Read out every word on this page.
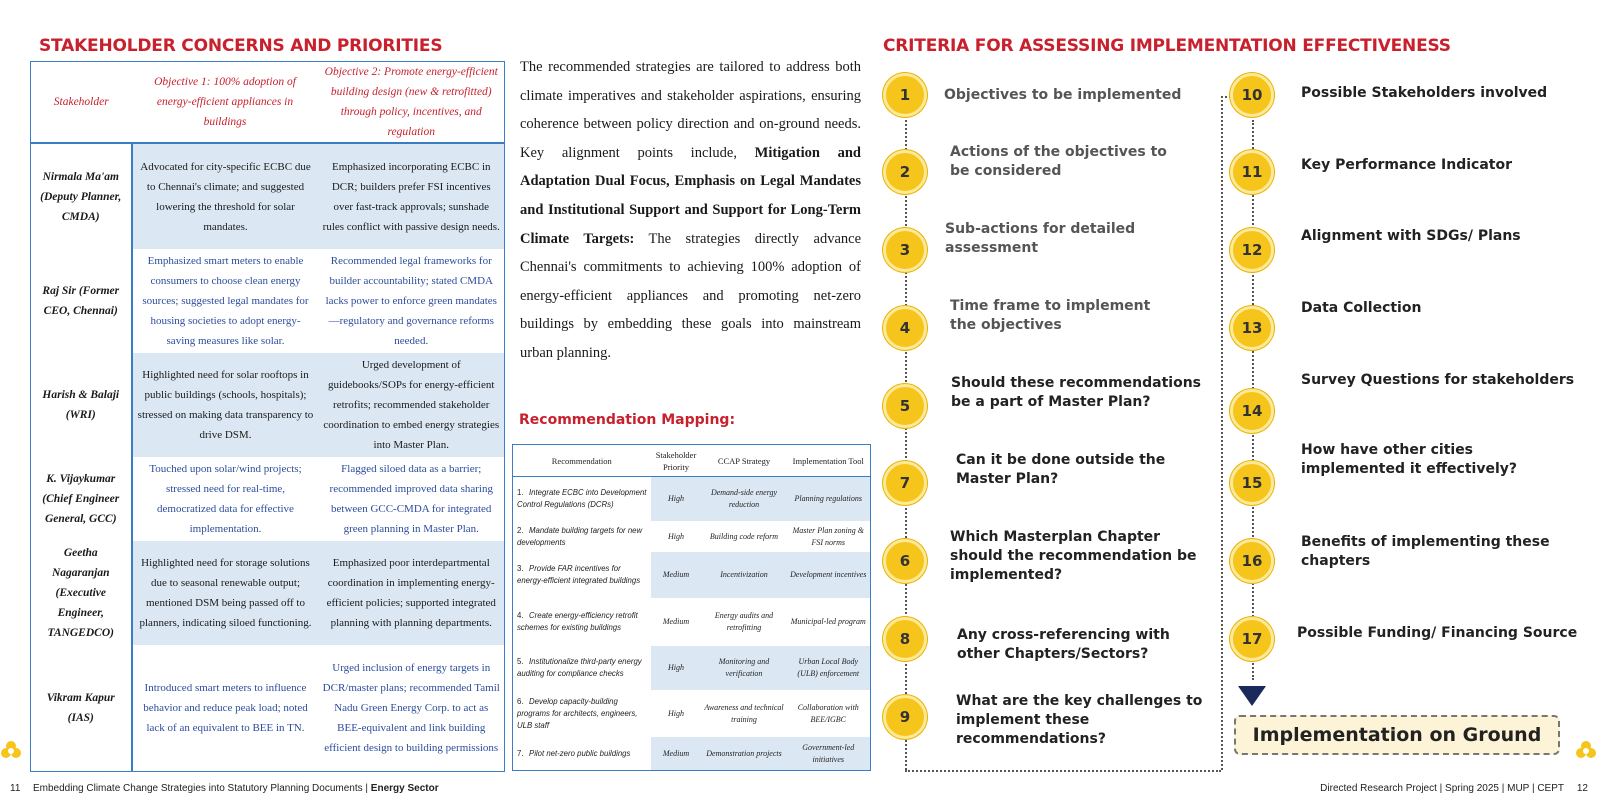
STAKEHOLDER CONCERNS AND PRIORITIES	CRITERIA FOR ASSESSING IMPLEMENTATION EFFECTIVENESS
Stakeholder	Objective 1: 100% adoption of energy-efficient appliances in buildings	Objective 2: Promote energy-efficient building design (new & retrofitted) through policy, incentives, and regulation
Nirmala Ma'am (Deputy Planner, CMDA)	Advocated for city-specific ECBC due to Chennai's climate; and suggested lowering the threshold for solar mandates.	Emphasized incorporating ECBC in DCR; builders prefer FSI incentives over fast-track approvals; sunshade rules conflict with passive design needs.
Raj Sir (Former CEO, Chennai)	Emphasized smart meters to enable consumers to choose clean energy sources; suggested legal mandates for housing societies to adopt energy-saving measures like solar.	Recommended legal frameworks for builder accountability; stated CMDA lacks power to enforce green mandates—regulatory and governance reforms needed.
Harish & Balaji (WRI)	Highlighted need for solar rooftops in public buildings (schools, hospitals); stressed on making data transparency to drive DSM.	Urged development of guidebooks/SOPs for energy-efficient retrofits; recommended stakeholder coordination to embed energy strategies into Master Plan.
K. Vijaykumar (Chief Engineer General, GCC)	Touched upon solar/wind projects; stressed need for real-time, democratized data for effective implementation.	Flagged siloed data as a barrier; recommended improved data sharing between GCC-CMDA for integrated green planning in Master Plan.
Geetha Nagaranjan (Executive Engineer, TANGEDCO)	Highlighted need for storage solutions due to seasonal renewable output; mentioned DSM being passed off to planners, indicating siloed functioning.	Emphasized poor interdepartmental coordination in implementing energy-efficient policies; supported integrated planning with planning departments.
Vikram Kapur (IAS)	Introduced smart meters to influence behavior and reduce peak load; noted lack of an equivalent to BEE in TN.	Urged inclusion of energy targets in DCR/master plans; recommended Tamil Nadu Green Energy Corp. to act as BEE-equivalent and link building efficient design to building permissions
The recommended strategies are tailored to address both climate imperatives and stakeholder aspirations, ensuring coherence between policy direction and on-ground needs. Key alignment points include, Mitigation and Adaptation Dual Focus, Emphasis on Legal Mandates and Institutional Support and Support for Long-Term Climate Targets: The strategies directly advance Chennai's commitments to achieving 100% adoption of energy-efficient appliances and promoting net-zero buildings by embedding these goals into mainstream urban planning.
Recommendation Mapping:
Recommendation	Stakeholder Priority	CCAP Strategy	Implementation Tool
1. Integrate ECBC into Development Control Regulations (DCRs)	High	Demand-side energy reduction	Planning regulations
2. Mandate building targets for new developments	High	Building code reform	Master Plan zoning & FSI norms
3. Provide FAR incentives for energy-efficient integrated buildings	Medium	Incentivization	Development incentives
4. Create energy-efficiency retrofit schemes for existing buildings	Medium	Energy audits and retrofitting	Municipal-led program
5. Institutionalize third-party energy auditing for compliance checks	High	Monitoring and verification	Urban Local Body (ULB) enforcement
6. Develop capacity-building programs for architects, engineers, ULB staff	High	Awareness and technical training	Collaboration with BEE/IGBC
7. Pilot net-zero public buildings	Medium	Demonstration projects	Government-led initiatives
1	Objectives to be implemented
2
Actions of the objectives to be considered
3
Sub-actions for detailed assessment
4
Time frame to implement the objectives
5
Should these recommendations be a part of Master Plan?
7
Can it be done outside the Master Plan?
6
Which Masterplan Chapter should the recommendation be implemented?
8	Any cross-referencing with other Chapters/Sectors?
9
What are the key challenges to implement these recommendations?
10	Possible Stakeholders involved
11	Key Performance Indicator
12
Alignment with SDGs/ Plans
13
Data Collection
14
Survey Questions for stakeholders
15
How have other cities implemented it effectively?
16
Benefits of implementing these chapters
17	Possible Funding/ Financing Source
Implementation on Ground
11 Embedding Climate Change Strategies into Statutory Planning Documents | Energy Sector	Directed Research Project | Spring 2025 | MUP | CEPT 12
